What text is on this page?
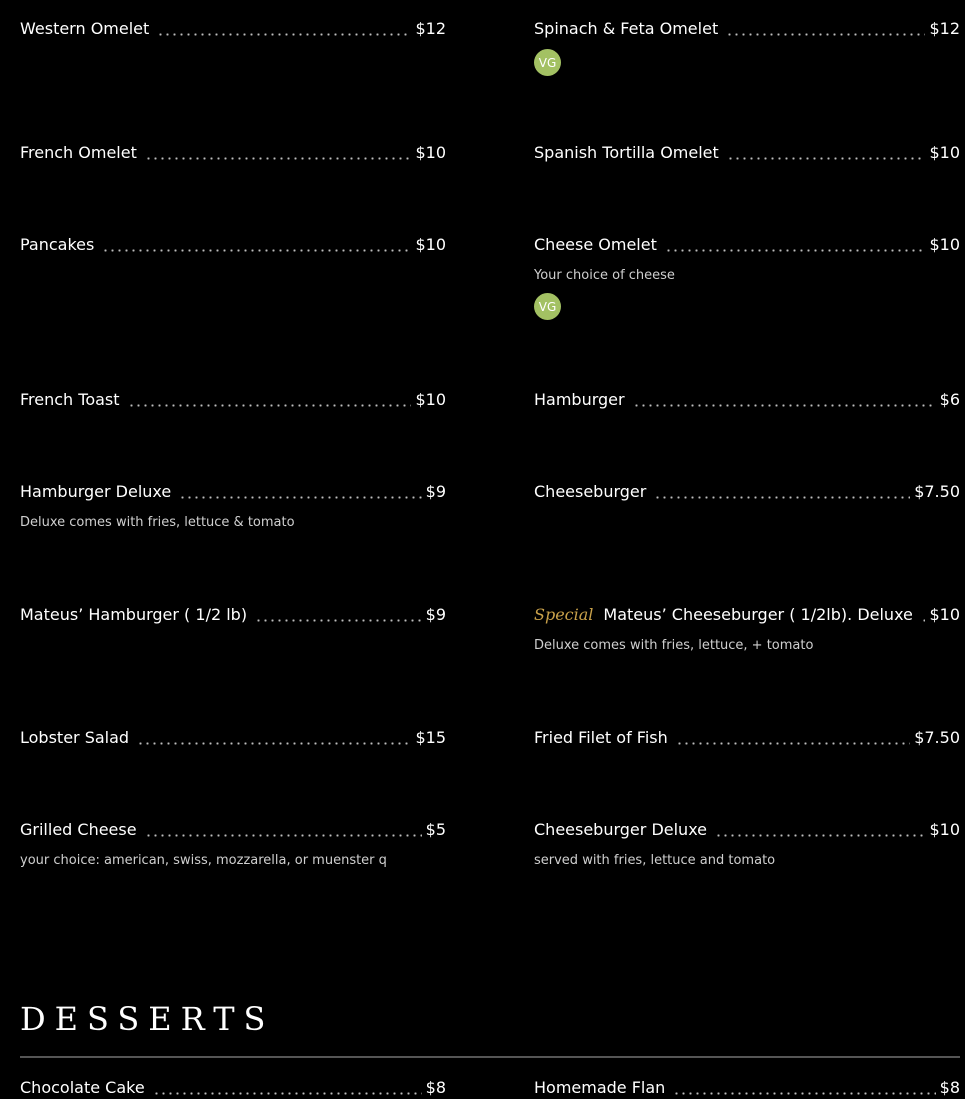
Western Omelet	$12
French Omelet	$10
Pancakes	$10
French Toast	$10
Hamburger Deluxe	$9
Deluxe comes with fries, lettuce & tomato
Mateus’ Hamburger ( 1/2 lb)	$9
Lobster Salad	$15
Grilled Cheese	$5
your choice: american, swiss, mozzarella, or muenster q
Spinach & Feta Omelet	$12
VG
Spanish Tortilla Omelet	$10
Cheese Omelet	$10
Your choice of cheese
VG
Hamburger	$6
Cheeseburger	$7.50
Special Mateus’ Cheeseburger ( 1/2lb). Deluxe $10
Deluxe comes with fries, lettuce, + tomato
Fried Filet of Fish	$7.50
Cheeseburger Deluxe	$10
served with fries, lettuce and tomato
DESSERTS
Chocolate Cake	$8	Homemade Flan	$8
